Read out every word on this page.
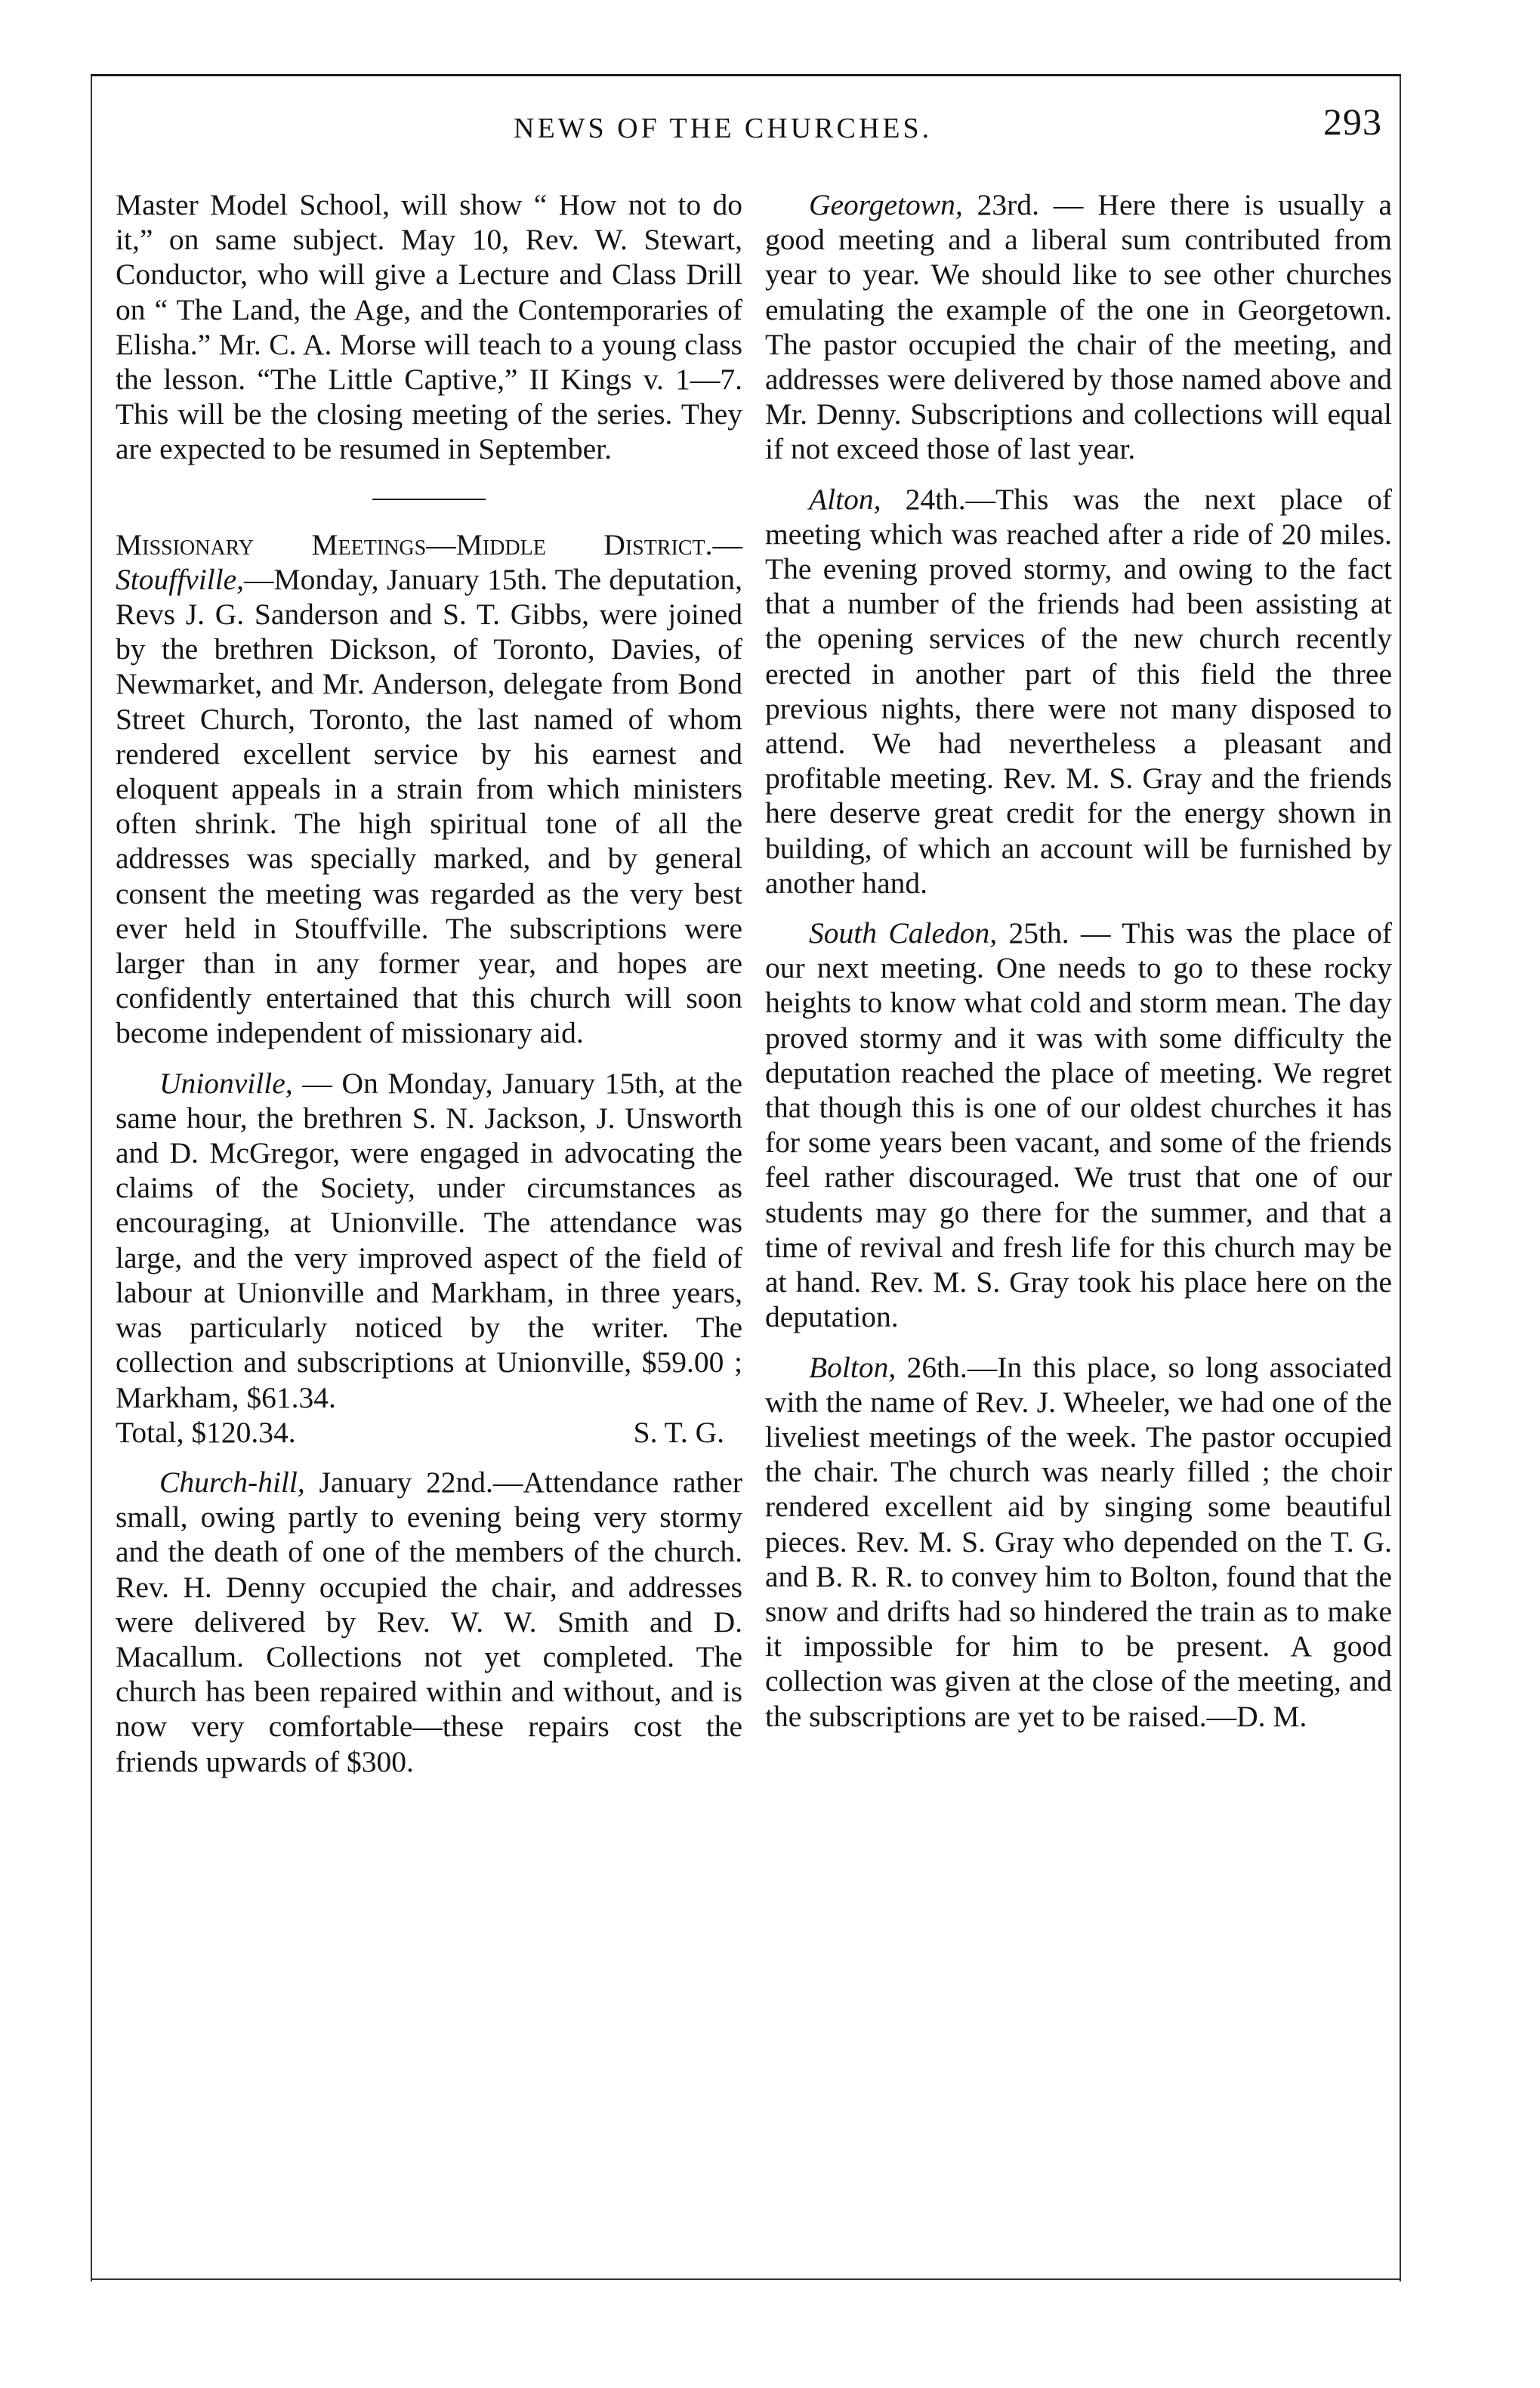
NEWS OF THE CHURCHES.	293

Master Model School, will show “ How not to do it,” on same subject. May 10, Rev. W. Stewart, Conductor, who will give a Lecture and Class Drill on “ The Land, the Age, and the Contemporaries of Elisha.” Mr. C. A. Morse will teach to a young class the lesson. “The Little Captive,” II Kings v. 1—7. This will be the closing meeting of the series. They are expected to be resumed in September.

Missionary Meetings—Middle District.—Stouffville,—Monday, January 15th. The deputation, Revs J. G. Sanderson and S. T. Gibbs, were joined by the brethren Dickson, of Toronto, Davies, of Newmarket, and Mr. Anderson, delegate from Bond Street Church, Toronto, the last named of whom rendered excellent service by his earnest and eloquent appeals in a strain from which ministers often shrink. The high spiritual tone of all the addresses was specially marked, and by general consent the meeting was regarded as the very best ever held in Stouffville. The subscriptions were larger than in any former year, and hopes are confidently entertained that this church will soon become independent of missionary aid.

Unionville, — On Monday, January 15th, at the same hour, the brethren S. N. Jackson, J. Unsworth and D. McGregor, were engaged in advocating the claims of the Society, under circumstances as encouraging, at Unionville. The attendance was large, and the very improved aspect of the field of labour at Unionville and Markham, in three years, was particularly noticed by the writer. The collection and subscriptions at Unionville, $59.00 ; Markham, $61.34.

Total, $120.34.	S. T. G.

Church-hill, January 22nd.—Attendance rather small, owing partly to evening being very stormy and the death of one of the members of the church. Rev. H. Denny occupied the chair, and addresses were delivered by Rev. W. W. Smith and D. Macallum. Collections not yet completed. The church has been repaired within and without, and is now very comfortable—these repairs cost the friends upwards of $300.

Georgetown, 23rd. — Here there is usually a good meeting and a liberal sum contributed from year to year. We should like to see other churches emulating the example of the one in Georgetown. The pastor occupied the chair of the meeting, and addresses were delivered by those named above and Mr. Denny. Subscriptions and collections will equal if not exceed those of last year.

Alton, 24th.—This was the next place of meeting which was reached after a ride of 20 miles. The evening proved stormy, and owing to the fact that a number of the friends had been assisting at the opening services of the new church recently erected in another part of this field the three previous nights, there were not many disposed to attend. We had nevertheless a pleasant and profitable meeting. Rev. M. S. Gray and the friends here deserve great credit for the energy shown in building, of which an account will be furnished by another hand.

South Caledon, 25th. — This was the place of our next meeting. One needs to go to these rocky heights to know what cold and storm mean. The day proved stormy and it was with some difficulty the deputation reached the place of meeting. We regret that though this is one of our oldest churches it has for some years been vacant, and some of the friends feel rather discouraged. We trust that one of our students may go there for the summer, and that a time of revival and fresh life for this church may be at hand. Rev. M. S. Gray took his place here on the deputation.

Bolton, 26th.—In this place, so long associated with the name of Rev. J. Wheeler, we had one of the liveliest meetings of the week. The pastor occupied the chair. The church was nearly filled ; the choir rendered excellent aid by singing some beautiful pieces. Rev. M. S. Gray who depended on the T. G. and B. R. R. to convey him to Bolton, found that the snow and drifts had so hindered the train as to make it impossible for him to be present. A good collection was given at the close of the meeting, and the subscriptions are yet to be raised.—D. M.
